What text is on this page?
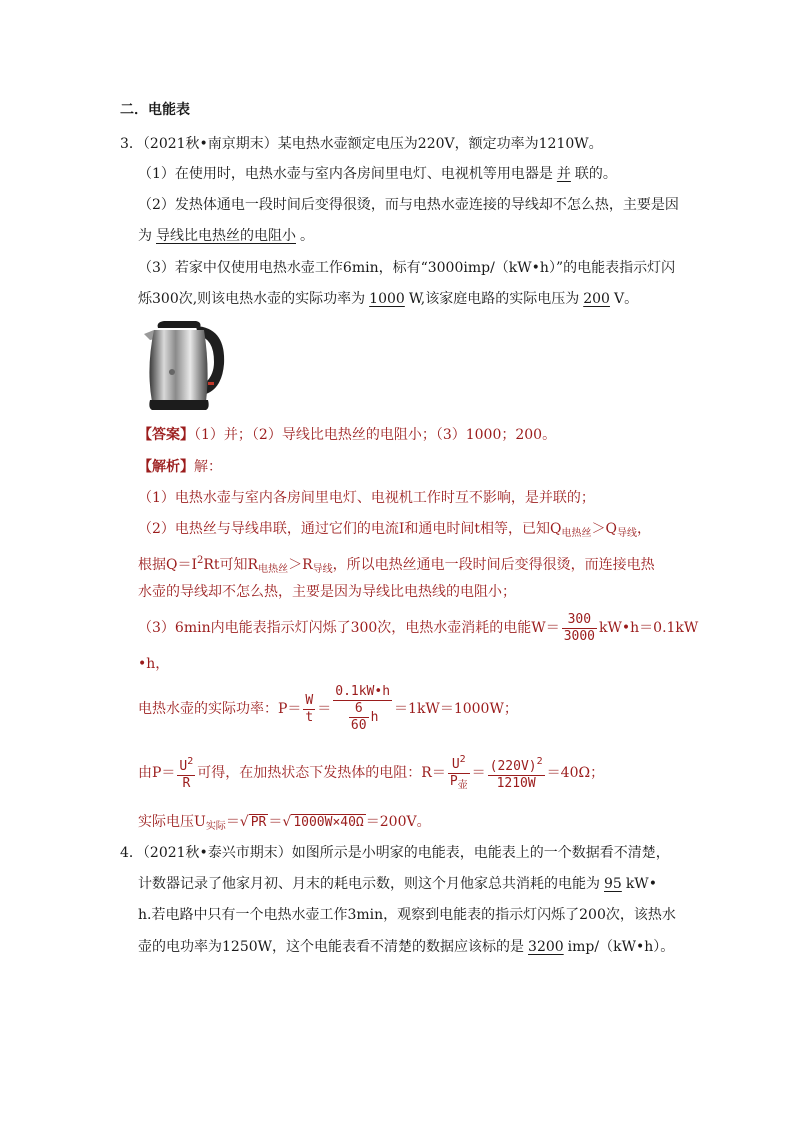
二．电能表
3．（2021秋•南京期末）某电热水壶额定电压为220V，额定功率为1210W。
（1）在使用时，电热水壶与室内各房间里电灯、电视机等用电器是 并 联的。
（2）发热体通电一段时间后变得很烫，而与电热水壶连接的导线却不怎么热，主要是因
为 导线比电热丝的电阻小 。
（3）若家中仅使用电热水壶工作6min，标有“3000imp/（kW•h）”的电能表指示灯闪
烁300次,则该电热水壶的实际功率为 1000 W,该家庭电路的实际电压为 200 V。
【答案】（1）并；（2）导线比电热丝的电阻小；（3）1000；200。
【解析】解：
（1）电热水壶与室内各房间里电灯、电视机工作时互不影响，是并联的；
（2）电热丝与导线串联，通过它们的电流I和通电时间t相等，已知$Q_{电热丝}>Q_{导线}$，
根据$Q=I^2Rt$可知$R_{电热丝}>R_{导线}$，所以电热丝通电一段时间后变得很烫，而连接电热
水壶的导线却不怎么热，主要是因为导线比电热线的电阻小；
（3）6min内电能表指示灯闪烁了300次，电热水壶消耗的电能$W= \frac{300}{3000}$ kW•h＝0.1kW
•h，
电热水壶的实际功率：$P= \frac{W}{t} = \frac{0.1kW•h}{\frac{6}{60} h} =1kW=1000W$；
由$P= \frac{U^2}{R}$ 可得，在加热状态下发热体的电阻：$R= \frac{U^2}{P_壶} = \frac{(220V)^2}{1210W} =40\Omega$；
实际电压$U_{实际}=√$ PR ＝√ 1000W×40Ω ＝200V。
4．（2021秋•泰兴市期末）如图所示是小明家的电能表，电能表上的一个数据看不清楚，
计数器记录了他家月初、月末的耗电示数，则这个月他家总共消耗的电能为 95 kW•
h.若电路中只有一个电热水壶工作3min，观察到电能表的指示灯闪烁了200次，该热水
壶的电功率为1250W，这个电能表看不清楚的数据应该标的是 3200 imp/（kW•h）。
